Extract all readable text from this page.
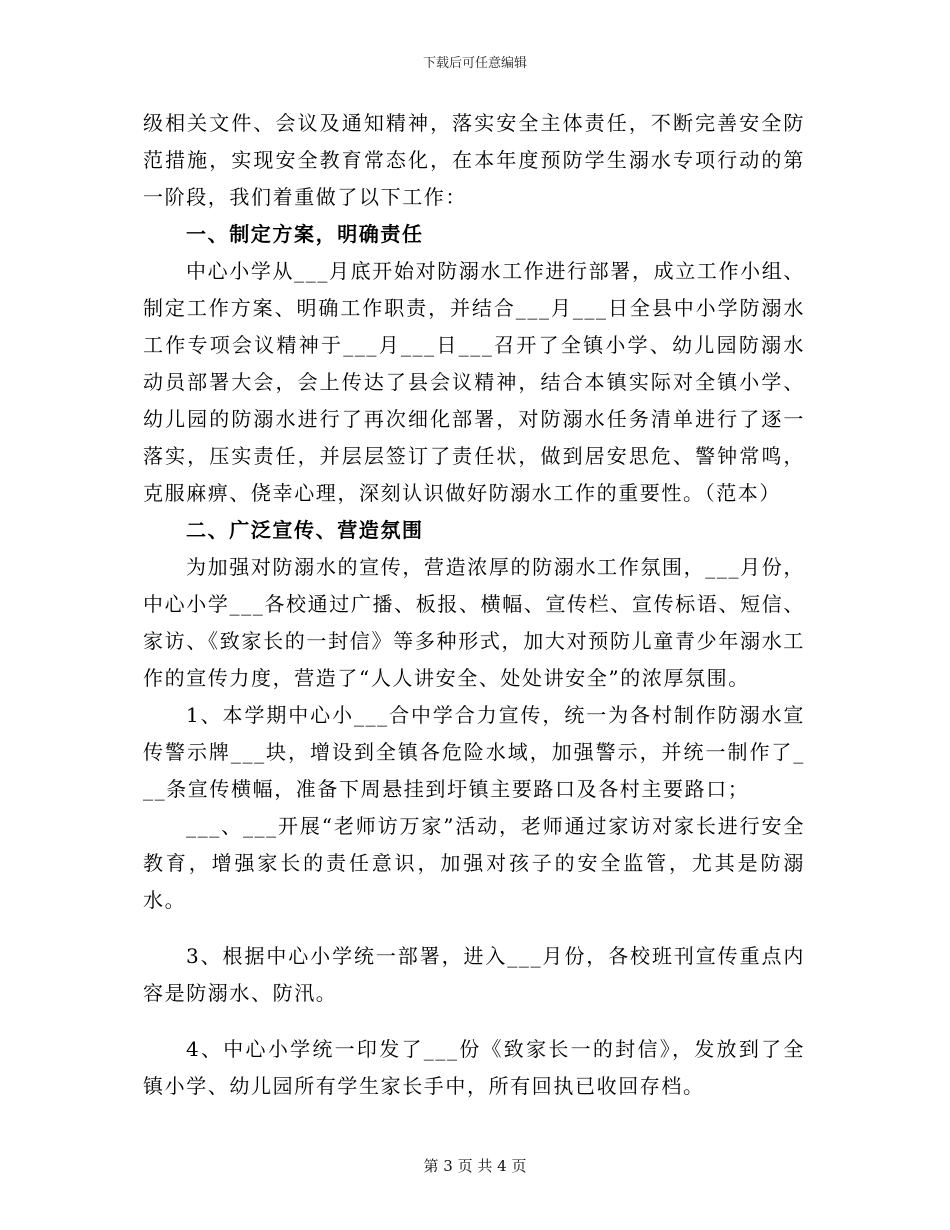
下载后可任意编辑

级相关文件、会议及通知精神，落实安全主体责任，不断完善安全防范措施，实现安全教育常态化，在本年度预防学生溺水专项行动的第一阶段，我们着重做了以下工作：

一、制定方案，明确责任

中心小学从___月底开始对防溺水工作进行部署，成立工作小组、制定工作方案、明确工作职责，并结合___月___日全县中小学防溺水工作专项会议精神于___月___日___召开了全镇小学、幼儿园防溺水动员部署大会，会上传达了县会议精神，结合本镇实际对全镇小学、幼儿园的防溺水进行了再次细化部署，对防溺水任务清单进行了逐一落实，压实责任，并层层签订了责任状，做到居安思危、警钟常鸣，克服麻痹、侥幸心理，深刻认识做好防溺水工作的重要性。（范本）

二、广泛宣传、营造氛围

为加强对防溺水的宣传，营造浓厚的防溺水工作氛围，___月份，中心小学___各校通过广播、板报、横幅、宣传栏、宣传标语、短信、家访、《致家长的一封信》等多种形式，加大对预防儿童青少年溺水工作的宣传力度，营造了“人人讲安全、处处讲安全”的浓厚氛围。

1、本学期中心小___合中学合力宣传，统一为各村制作防溺水宣传警示牌___块，增设到全镇各危险水域，加强警示，并统一制作了___条宣传横幅，准备下周悬挂到圩镇主要路口及各村主要路口；

___、___开展“老师访万家”活动，老师通过家访对家长进行安全教育，增强家长的责任意识，加强对孩子的安全监管，尤其是防溺水。

3、根据中心小学统一部署，进入___月份，各校班刊宣传重点内容是防溺水、防汛。

4、中心小学统一印发了___份《致家长一的封信》，发放到了全镇小学、幼儿园所有学生家长手中，所有回执已收回存档。

第 3 页 共 4 页
